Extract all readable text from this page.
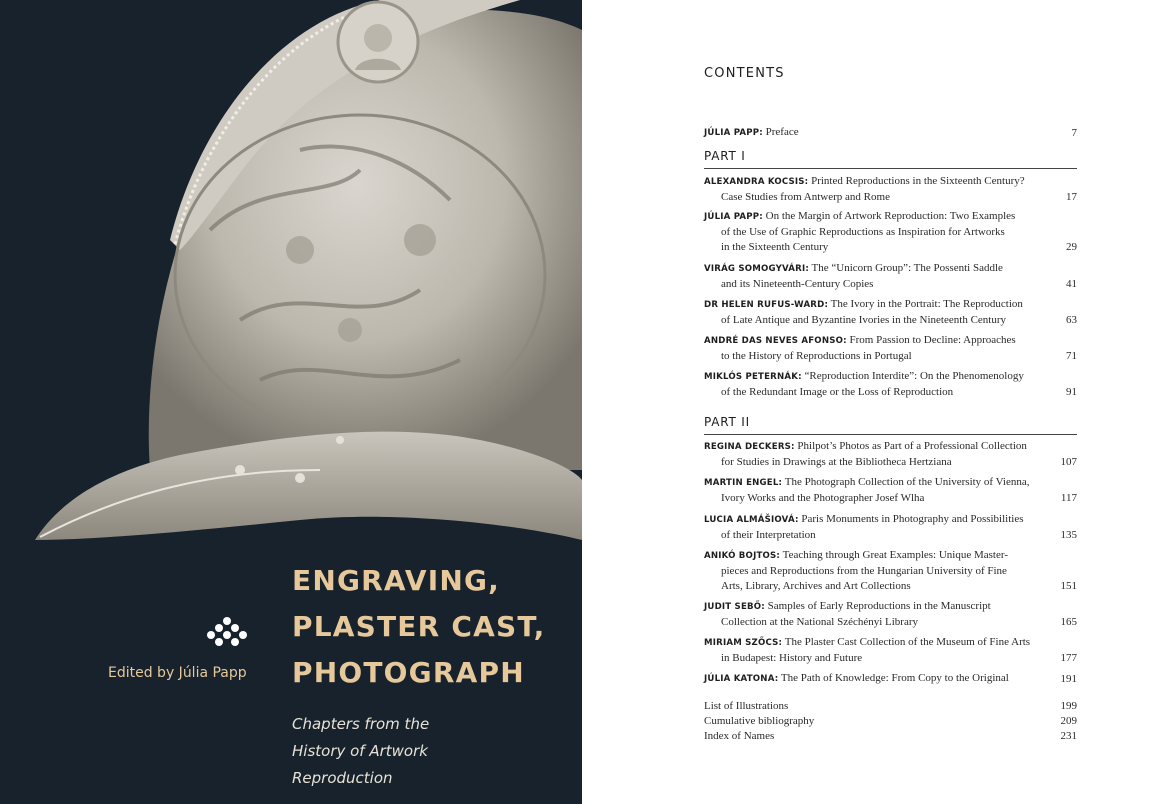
ENGRAVING,
PLASTER CAST,
PHOTOGRAPH
Chapters from the
History of Artwork
Reproduction
Edited by Júlia Papp
CONTENTS
JÚLIA PAPP: Preface	7
PART I
ALEXANDRA KOCSIS: Printed Reproductions in the Sixteenth Century?
Case Studies from Antwerp and Rome	17
JÚLIA PAPP: On the Margin of Artwork Reproduction: Two Examples
of the Use of Graphic Reproductions as Inspiration for Artworks
in the Sixteenth Century	29
VIRÁG SOMOGYVÁRI: The “Unicorn Group”: The Possenti Saddle
and its Nineteenth-Century Copies	41
DR HELEN RUFUS-WARD: The Ivory in the Portrait: The Reproduction
of Late Antique and Byzantine Ivories in the Nineteenth Century	63
ANDRÉ DAS NEVES AFONSO: From Passion to Decline: Approaches
to the History of Reproductions in Portugal	71
MIKLÓS PETERNÁK: “Reproduction Interdite”: On the Phenomenology
of the Redundant Image or the Loss of Reproduction	91
PART II
REGINA DECKERS: Philpot’s Photos as Part of a Professional Collection
for Studies in Drawings at the Bibliotheca Hertziana	107
MARTIN ENGEL: The Photograph Collection of the University of Vienna,
Ivory Works and the Photographer Josef Wlha	117
LUCIA ALMÁŠIOVÁ: Paris Monuments in Photography and Possibilities
of their Interpretation	135
ANIKÓ BOJTOS: Teaching through Great Examples: Unique Master-
pieces and Reproductions from the Hungarian University of Fine
Arts, Library, Archives and Art Collections	151
JUDIT SEBŐ: Samples of Early Reproductions in the Manuscript
Collection at the National Széchényi Library	165
MIRIAM SZŐCS: The Plaster Cast Collection of the Museum of Fine Arts
in Budapest: History and Future	177
JÚLIA KATONA: The Path of Knowledge: From Copy to the Original	191
List of Illustrations	199
Cumulative bibliography	209
Index of Names	231
